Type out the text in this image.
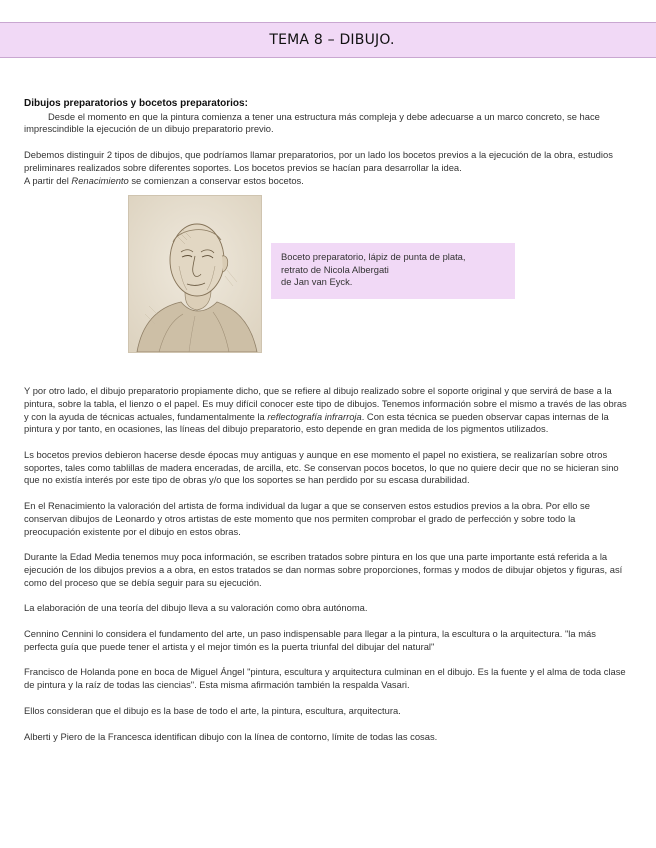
TEMA 8 – DIBUJO.
Dibujos preparatorios y bocetos preparatorios:

Desde el momento en que la pintura comienza a tener una estructura más compleja y debe adecuarse a un marco concreto, se hace imprescindible la ejecución de un dibujo preparatorio previo.

Debemos distinguir 2 tipos de dibujos, que podríamos llamar preparatorios, por un lado los bocetos previos a la ejecución de la obra, estudios preliminares realizados sobre diferentes soportes. Los bocetos previos se hacían para desarrollar la idea.

A partir del Renacimiento se comienzan a conservar estos bocetos.

Boceto preparatorio, lápiz de punta de plata,
retrato de Nicola Albergati
de Jan van Eyck.

Y por otro lado, el dibujo preparatorio propiamente dicho, que se refiere al dibujo realizado sobre el soporte original y que servirá de base a la pintura, sobre la tabla, el lienzo o el papel. Es muy difícil conocer este tipo de dibujos. Tenemos información sobre el mismo a través de las obras y con la ayuda de técnicas actuales, fundamentalmente la reflectografía infrarroja. Con esta técnica se pueden observar capas internas de la pintura y por tanto, en ocasiones, las líneas del dibujo preparatorio, esto depende en gran medida de los pigmentos utilizados.

Ls bocetos previos debieron hacerse desde épocas muy antiguas y aunque en ese momento el papel no existiera, se realizarían sobre otros soportes, tales como tablillas de madera enceradas, de arcilla, etc. Se conservan pocos bocetos, lo que no quiere decir que no se hicieran sino que no existía interés por este tipo de obras y/o que los soportes se han perdido por su escasa durabilidad.

En el Renacimiento la valoración del artista de forma individual da lugar a que se conserven estos estudios previos a la obra. Por ello se conservan dibujos de Leonardo y otros artistas de este momento que nos permiten comprobar el grado de perfección y sobre todo la preocupación existente por el dibujo en estos obras.

Durante la Edad Media tenemos muy poca información, se escriben tratados sobre pintura en los que una parte importante está referida a la ejecución de los dibujos previos a a obra, en estos tratados se dan normas sobre proporciones, formas y modos de dibujar objetos y figuras, así como del proceso que se debía seguir para su ejecución.

La elaboración de una teoría del dibujo lleva a su valoración como obra autónoma.

Cennino Cennini lo considera el fundamento del arte, un paso indispensable para llegar a la pintura, la escultura o la arquitectura. "la más perfecta guía que puede tener el artista y el mejor timón es la puerta triunfal del dibujar del natural"

Francisco de Holanda pone en boca de Miguel Ángel "pintura, escultura y arquitectura culminan en el dibujo. Es la fuente y el alma de toda clase de pintura y la raíz de todas las ciencias". Esta misma afirmación también la respalda Vasari.

Ellos consideran que el dibujo es la base de todo el arte, la pintura, escultura, arquitectura.

Alberti y Piero de la Francesca identifican dibujo con la línea de contorno, límite de todas las cosas.
